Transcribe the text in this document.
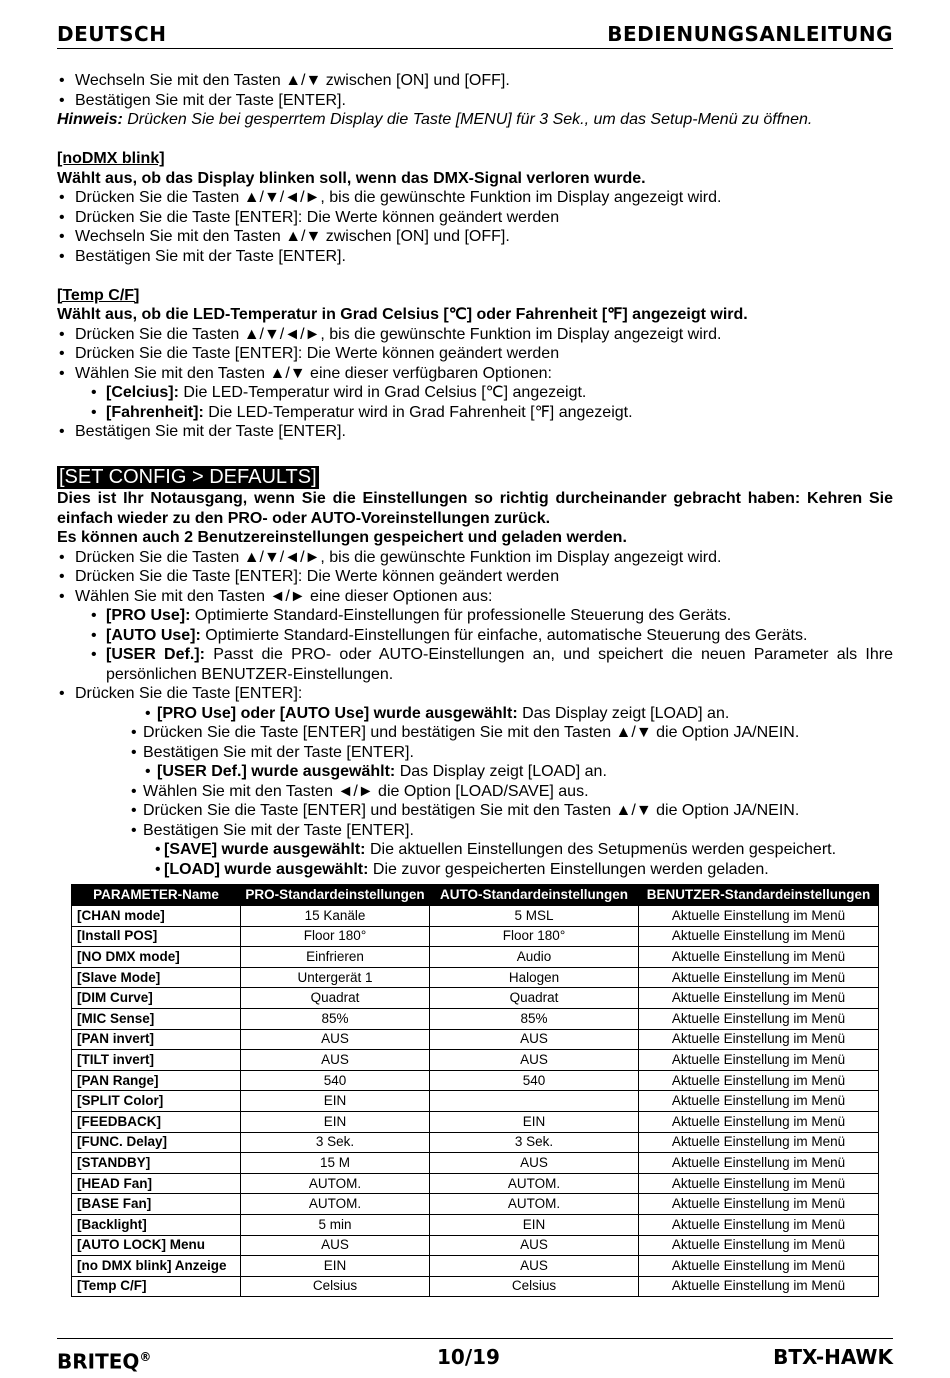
DEUTSCH	BEDIENUNGSANLEITUNG
• Wechseln Sie mit den Tasten ▲/▼ zwischen [ON] und [OFF].
• Bestätigen Sie mit der Taste [ENTER].
Hinweis: Drücken Sie bei gesperrtem Display die Taste [MENU] für 3 Sek., um das Setup-Menü zu öffnen.
[noDMX blink]
Wählt aus, ob das Display blinken soll, wenn das DMX-Signal verloren wurde.
• Drücken Sie die Tasten ▲/▼/◄/►, bis die gewünschte Funktion im Display angezeigt wird.
• Drücken Sie die Taste [ENTER]: Die Werte können geändert werden
• Wechseln Sie mit den Tasten ▲/▼ zwischen [ON] und [OFF].
• Bestätigen Sie mit der Taste [ENTER].
[Temp C/F]
Wählt aus, ob die LED-Temperatur in Grad Celsius [℃] oder Fahrenheit [℉] angezeigt wird.
• Drücken Sie die Tasten ▲/▼/◄/►, bis die gewünschte Funktion im Display angezeigt wird.
• Drücken Sie die Taste [ENTER]: Die Werte können geändert werden
• Wählen Sie mit den Tasten ▲/▼ eine dieser verfügbaren Optionen:
• [Celcius]: Die LED-Temperatur wird in Grad Celsius [℃] angezeigt.
• [Fahrenheit]: Die LED-Temperatur wird in Grad Fahrenheit [℉] angezeigt.
• Bestätigen Sie mit der Taste [ENTER].
[SET CONFIG > DEFAULTS]
Dies ist Ihr Notausgang, wenn Sie die Einstellungen so richtig durcheinander gebracht haben: Kehren Sie einfach wieder zu den PRO- oder AUTO-Voreinstellungen zurück.
Es können auch 2 Benutzereinstellungen gespeichert und geladen werden.
• Drücken Sie die Tasten ▲/▼/◄/►, bis die gewünschte Funktion im Display angezeigt wird.
• Drücken Sie die Taste [ENTER]: Die Werte können geändert werden
• Wählen Sie mit den Tasten ◄/► eine dieser Optionen aus:
• [PRO Use]: Optimierte Standard-Einstellungen für professionelle Steuerung des Geräts.
• [AUTO Use]: Optimierte Standard-Einstellungen für einfache, automatische Steuerung des Geräts.
• [USER Def.]: Passt die PRO- oder AUTO-Einstellungen an, und speichert die neuen Parameter als Ihre persönlichen BENUTZER-Einstellungen.
• Drücken Sie die Taste [ENTER]:
• [PRO Use] oder [AUTO Use] wurde ausgewählt: Das Display zeigt [LOAD] an.
• Drücken Sie die Taste [ENTER] und bestätigen Sie mit den Tasten ▲/▼ die Option JA/NEIN.
• Bestätigen Sie mit der Taste [ENTER].
• [USER Def.] wurde ausgewählt: Das Display zeigt [LOAD] an.
• Wählen Sie mit den Tasten ◄/► die Option [LOAD/SAVE] aus.
• Drücken Sie die Taste [ENTER] und bestätigen Sie mit den Tasten ▲/▼ die Option JA/NEIN.
• Bestätigen Sie mit der Taste [ENTER].
• [SAVE] wurde ausgewählt: Die aktuellen Einstellungen des Setupmenüs werden gespeichert.
• [LOAD] wurde ausgewählt: Die zuvor gespeicherten Einstellungen werden geladen.
PARAMETER-Name	PRO-Standardeinstellungen	AUTO-Standardeinstellungen	BENUTZER-Standardeinstellungen
[CHAN mode]	15 Kanäle	5 MSL	Aktuelle Einstellung im Menü
[Install POS]	Floor 180°	Floor 180°	Aktuelle Einstellung im Menü
[NO DMX mode]	Einfrieren	Audio	Aktuelle Einstellung im Menü
[Slave Mode]	Untergerät 1	Halogen	Aktuelle Einstellung im Menü
[DIM Curve]	Quadrat	Quadrat	Aktuelle Einstellung im Menü
[MIC Sense]	85%	85%	Aktuelle Einstellung im Menü
[PAN invert]	AUS	AUS	Aktuelle Einstellung im Menü
[TILT invert]	AUS	AUS	Aktuelle Einstellung im Menü
[PAN Range]	540	540	Aktuelle Einstellung im Menü
[SPLIT Color]	EIN		Aktuelle Einstellung im Menü
[FEEDBACK]	EIN	EIN	Aktuelle Einstellung im Menü
[FUNC. Delay]	3 Sek.	3 Sek.	Aktuelle Einstellung im Menü
[STANDBY]	15 M	AUS	Aktuelle Einstellung im Menü
[HEAD Fan]	AUTOM.	AUTOM.	Aktuelle Einstellung im Menü
[BASE Fan]	AUTOM.	AUTOM.	Aktuelle Einstellung im Menü
[Backlight]	5 min	EIN	Aktuelle Einstellung im Menü
[AUTO LOCK] Menu	AUS	AUS	Aktuelle Einstellung im Menü
[no DMX blink] Anzeige	EIN	AUS	Aktuelle Einstellung im Menü
[Temp C/F]	Celsius	Celsius	Aktuelle Einstellung im Menü
BRITEQ®	10/19	BTX-HAWK
